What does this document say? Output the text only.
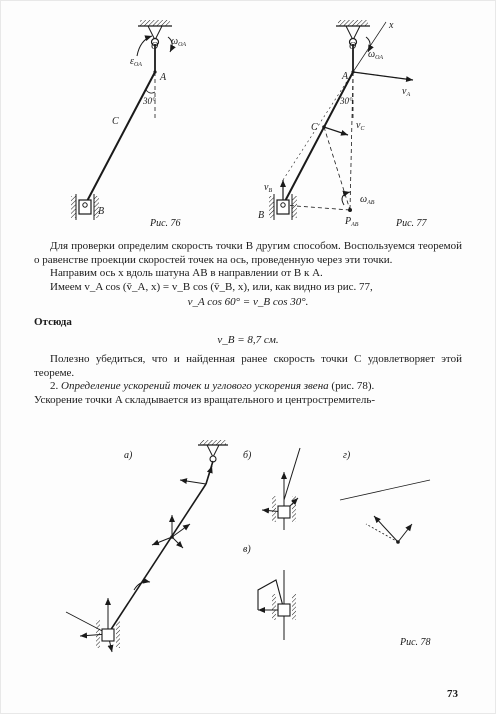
O $\omega_{OA}$
$\varepsilon_{OA}$
A
30°
C
B
Рис. 76
x
O
$\omega_{OA}$
A
$v_A$
30°
C	$v_C$
$v_B$
$\omega_{AB}$
B
$P_{AB}$	Рис. 77

Для проверки определим скорость точки B другим способом. Воспользуемся теоремой о равенстве проекции скоростей точек на ось, проведенную через эти точки.

Направим ось x вдоль шатуна AB в направлении от B к A.

Имеем v_A cos (v̄_A, x) = v_B cos (v̄_B, x), или, как видно из рис. 77,

v_A cos 60° = v_B cos 30°.

Отсюда

v_B = 8,7 см.

Полезно убедиться, что и найденная ранее скорость точки C удовлетворяет этой теореме.

2. Определение ускорений точек и углового ускорения звена (рис. 78).

Ускорение точки A складывается из вращательного и центростремитель-

а)	б)
в)
г)
Рис. 78
73
